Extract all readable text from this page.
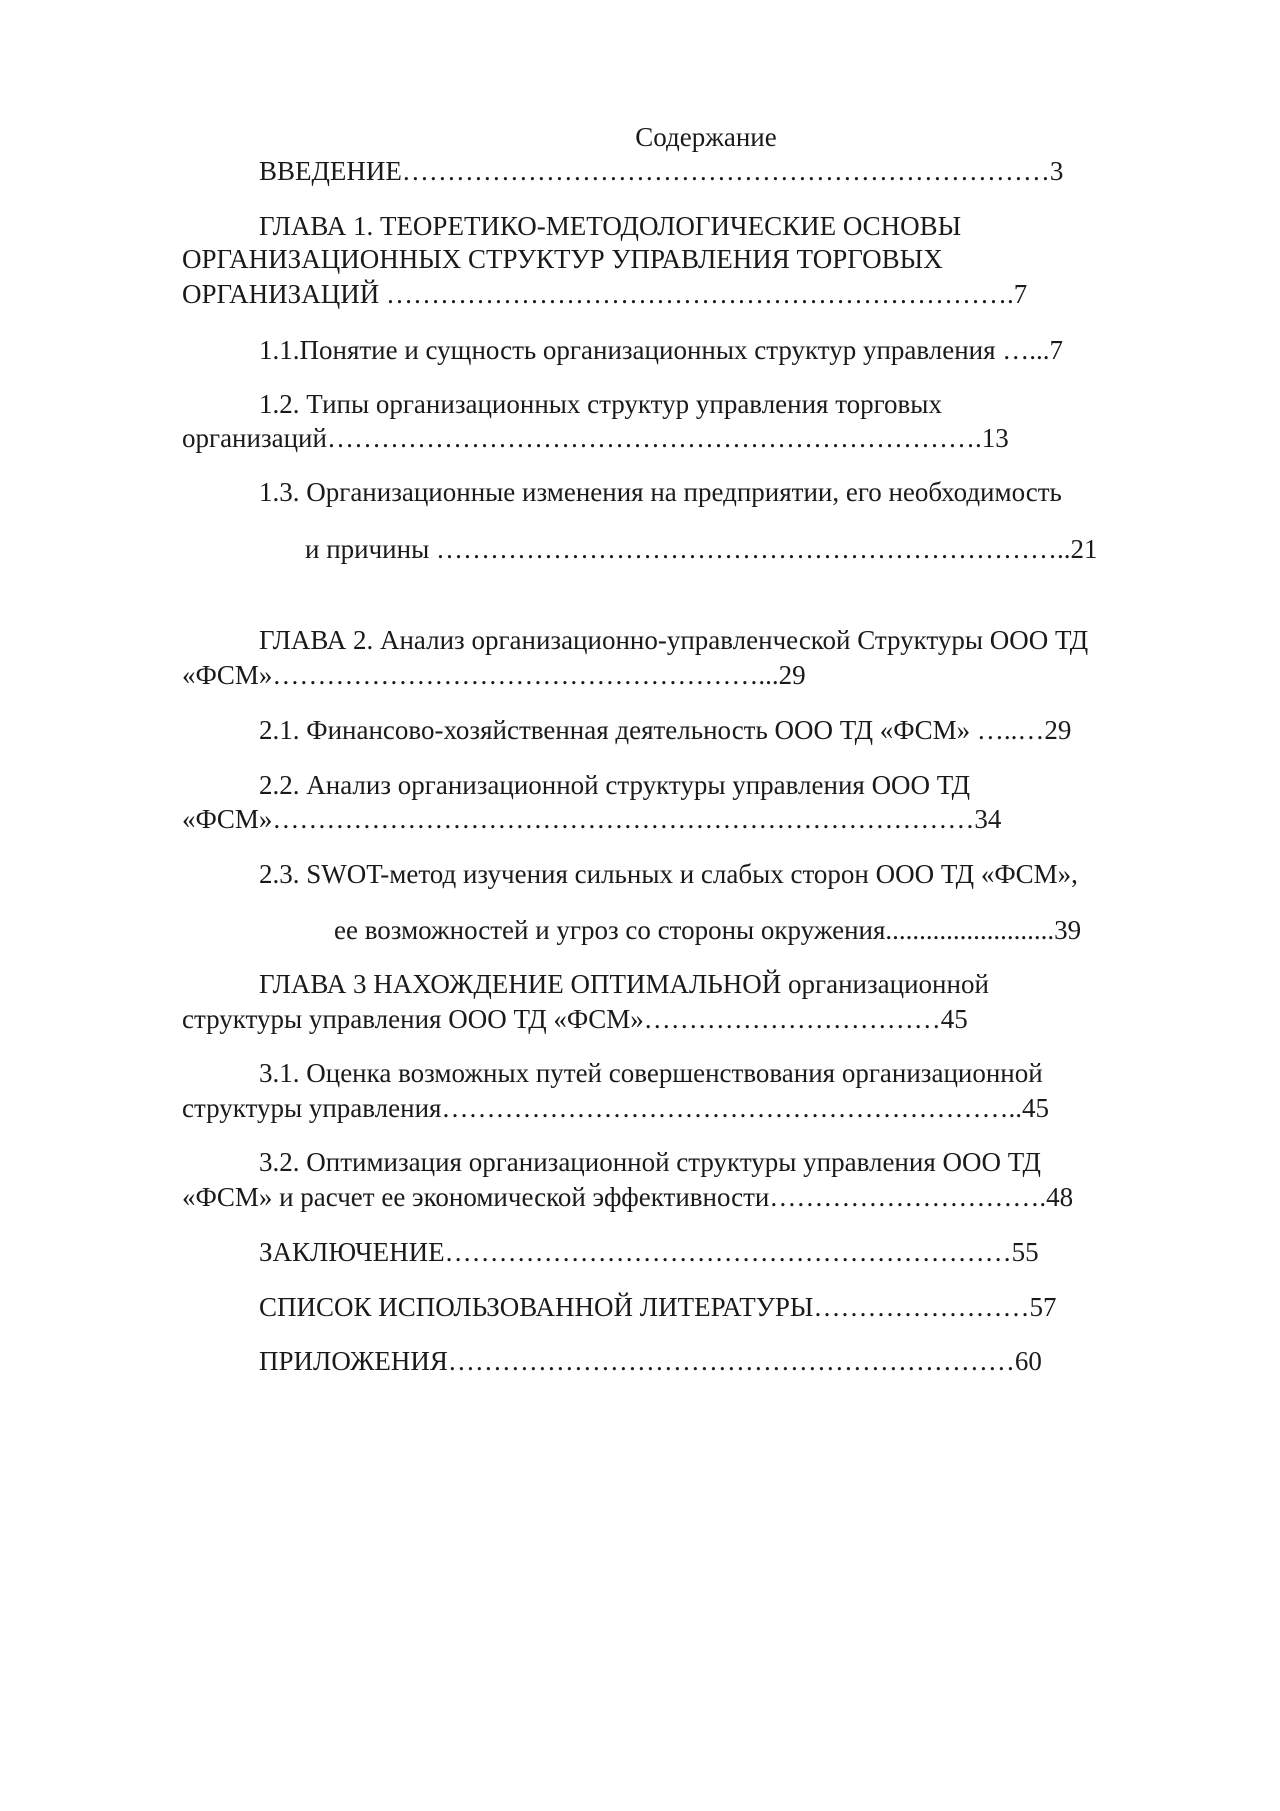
Содержание
ВВЕДЕНИЕ………………………………………………………………3
ГЛАВА 1. ТЕОРЕТИКО-МЕТОДОЛОГИЧЕСКИЕ ОСНОВЫ
ОРГАНИЗАЦИОННЫХ СТРУКТУР УПРАВЛЕНИЯ ТОРГОВЫХ
ОРГАНИЗАЦИЙ …………………………………………………………….7
1.1.Понятие и сущность организационных структур управления …...7
1.2. Типы организационных структур управления торговых
организаций……………………………………………………………….13
1.3. Организационные изменения на предприятии, его необходимость
и причины ……………………………………………………………..21
ГЛАВА 2. Анализ организационно-управленческой Структуры ООО ТД
«ФСМ»………………………………………………...29
2.1. Финансово-хозяйственная деятельность ООО ТД «ФСМ» …..…29
2.2. Анализ организационной структуры управления ООО ТД
«ФСМ»……………………………………………………………………34
2.3. SWOT-метод изучения сильных и слабых сторон ООО ТД «ФСМ»,
ее возможностей и угроз со стороны окружения.........................39
ГЛАВА 3 НАХОЖДЕНИЕ ОПТИМАЛЬНОЙ организационной
структуры управления ООО ТД «ФСМ»……………………………45
3.1. Оценка возможных путей совершенствования организационной
структуры управления………………………………………………………..45
3.2. Оптимизация организационной структуры управления ООО ТД
«ФСМ» и расчет ее экономической эффективности………………………….48
ЗАКЛЮЧЕНИЕ………………………………………………………55
СПИСОК ИСПОЛЬЗОВАННОЙ ЛИТЕРАТУРЫ……………………57
ПРИЛОЖЕНИЯ………………………………………………………60
